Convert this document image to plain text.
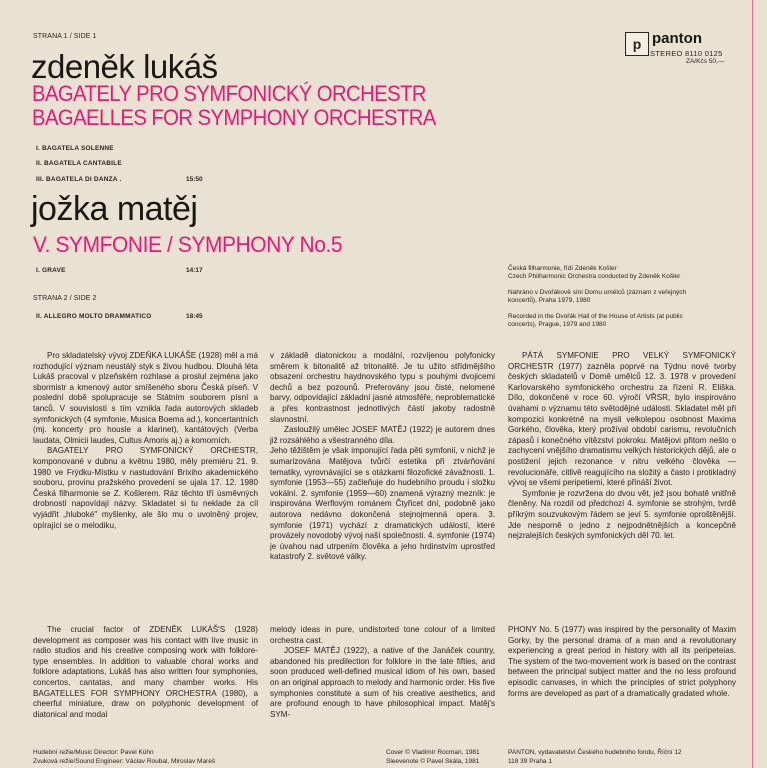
STRANA 1 / SIDE 1
zdeněk lukáš
BAGATELY PRO SYMFONICKÝ ORCHESTR
BAGAELLES FOR SYMPHONY ORCHESTRA
I. BAGATELA SOLENNE
II. BAGATELA CANTABILE
III. BAGATELA DI DANZA .	15:50
jožka matěj
V. SYMFONIE / SYMPHONY No.5
I. GRAVE	14:17
STRANA 2 / SIDE 2
II. ALLEGRO MOLTO DRAMMATICO	18:45
p panton
STEREO 8110 0125
ZA/Kčs 50,—
Česká filharmonie, řídí Zdeněk Košler
Czech Philharmonic Orchestra conducted by Zdeněk Košler
Nahráno v Dvořákově síni Domu umělců (záznam z veřejných
koncertů), Praha 1979, 1980
Recorded in the Dvořák Hall of the House of Artists (at public
concerts), Prague, 1979 and 1980

Pro skladatelský vývoj ZDEŇKA LUKÁŠE (1928) měl a má rozhodující význam neustálý styk s živou hudbou. Dlouhá léta Lukáš pracoval v plzeňském rozhlase a proslul zejména jako sbormistr a kmenový autor smíšeného sboru Česká píseň. V poslední době spolupracuje se Státním souborem písní a tanců. V souvislosti s tím vznikla řada autorových skladeb symfonických (4 symfonie, Musica Boema ad.), koncertantních (mj. koncerty pro housle a klarinet), kantátových (Verba laudata, Olmicii laudes, Cultus Amoris aj.) a komorních.

BAGATELY PRO SYMFONICKÝ ORCHESTR, komponované v dubnu a květnu 1980, měly premiéru 21. 9. 1980 ve Frýdku-Místku v nastudování Brixiho akademického souboru, provinu pražského provedení se ujala 17. 12. 1980 Česká filharmonie se Z. Košlerem. Ráz těchto tří úsměvných drobností napovídají názvy. Skladatel si tu neklade za cíl vyjádřit „hluboké" myšlenky, ale šlo mu o uvolněný projev, opírající se o melodiku,

v základě diatonickou a modální, rozvíjenou polyfonicky směrem k bitonalitě až tritonalitě. Je tu užito střídmějšího obsazení orchestru haydnovského typu s pouhými dvojicemi dechů a bez pozounů. Preferovány jsou čisté, nelomené barvy, odpovídající základní jasné atmosféře, neproblematické a přes kontrastnost jednotlivých částí jakoby radostně slavnostní.

Zasloužilý umělec JOSEF MATĚJ (1922) je autorem dnes již rozsáhlého a všestranného díla.

Jeho těžištěm je však imponující řada pěti symfonií, v nichž je sumarizována Matějova tvůrčí estetika při ztvárňování tematiky, vyrovnávající se s otázkami filozofické závažnosti. 1. symfonie (1953—55) začleňuje do hudebního proudu i složku vokální. 2. symfonie (1959—60) znamená výrazný mezník: je inspirována Werflovým románem Čtyřicet dní, podobně jako autorova nedávno dokončená stejnojmenná opera. 3. symfonie (1971) vychází z dramatických událostí, které provázely novodobý vývoj naší společnosti. 4. symfonie (1974) je úvahou nad utrpením člověka a jeho hrdinstvím uprostřed katastrofy 2. světové války.

PÁTÁ SYMFONIE PRO VELKÝ SYMFONICKÝ ORCHESTR (1977) zazněla poprvé na Týdnu nové tvorby českých skladatelů v Domě umělců 12. 3. 1978 v provedení Karlovarského symfonického orchestru za řízení R. Eliška. Dílo, dokončené v roce 60. výročí VŘSR, bylo inspirováno úvahami o významu této světodějné události. Skladatel měl při kompozici konkrétně na mysli velkolepou osobnost Maxima Gorkého, člověka, který prožíval období carismu, revolučních zápasů i konečného vítězství pokroku. Matějovi přitom nešlo o zachycení vnějšího dramatismu velkých historických dějů, ale o postižení jejich rezonance v nitru velkého člověka — revolucionáře, citlivě reagujícího na složitý a často i protikladný vývoj se všemi peripetiemi, které přináší život.

Symfonie je rozvržena do dvou vět, jež jsou bohatě vnitřně členěny. Na rozdíl od předchozí 4. symfonie se strohým, tvrdě příkrým souzvukovým řádem se jeví 5. symfonie oproštěnější. Jde nesporně o jedno z nejpodnětnějších a koncepčně nejzralejších českých symfonických děl 70. let.

The crucial factor of ZDENĚK LUKÁŠ'S (1928) development as composer was his contact with live music in radio studios and his creative composing work with folklore-type ensembles. In addition to valuable choral works and folklore adaptations, Lukáš has also written four symphonies, concertos, cantatas, and many chamber works. His BAGATELLES FOR SYMPHONY ORCHESTRA (1980), a cheerful miniature, draw on polyphonic development of diatonical and modal

melody ideas in pure, undistorted tone colour of a limited orchestra cast.

JOSEF MATĚJ (1922), a native of the Janáček country, abandoned his predilection for folklore in the late fifties, and soon produced well-defined musical idiom of his own, based on an original approach to melody and harmonic order. His five symphonies constitute a sum of his creative aesthetics, and are profound enough to have philosophical impact. Matěj's SYM-

PHONY No. 5 (1977) was inspired by the personality of Maxim Gorky, by the personal drama of a man and a revolutionary experiencing a great period in history with all its peripeteias. The system of the two-movement work is based on the contrast between the principal subject matter and the no less profound episodic canvases, in which the principles of strict polyphony forms are developed as part of a dramatically gradated whole.

Hudební režie/Music Director: Pavel Kühn
Zvuková režie/Sound Engineer: Václav Roubal, Miroslav Mareš
Cover © Vladimír Rocman, 1981
Sleevenote © Pavel Skála, 1981
PANTON, vydavatelství Českého hudebního fondu, Říční 12
118 39 Praha 1
